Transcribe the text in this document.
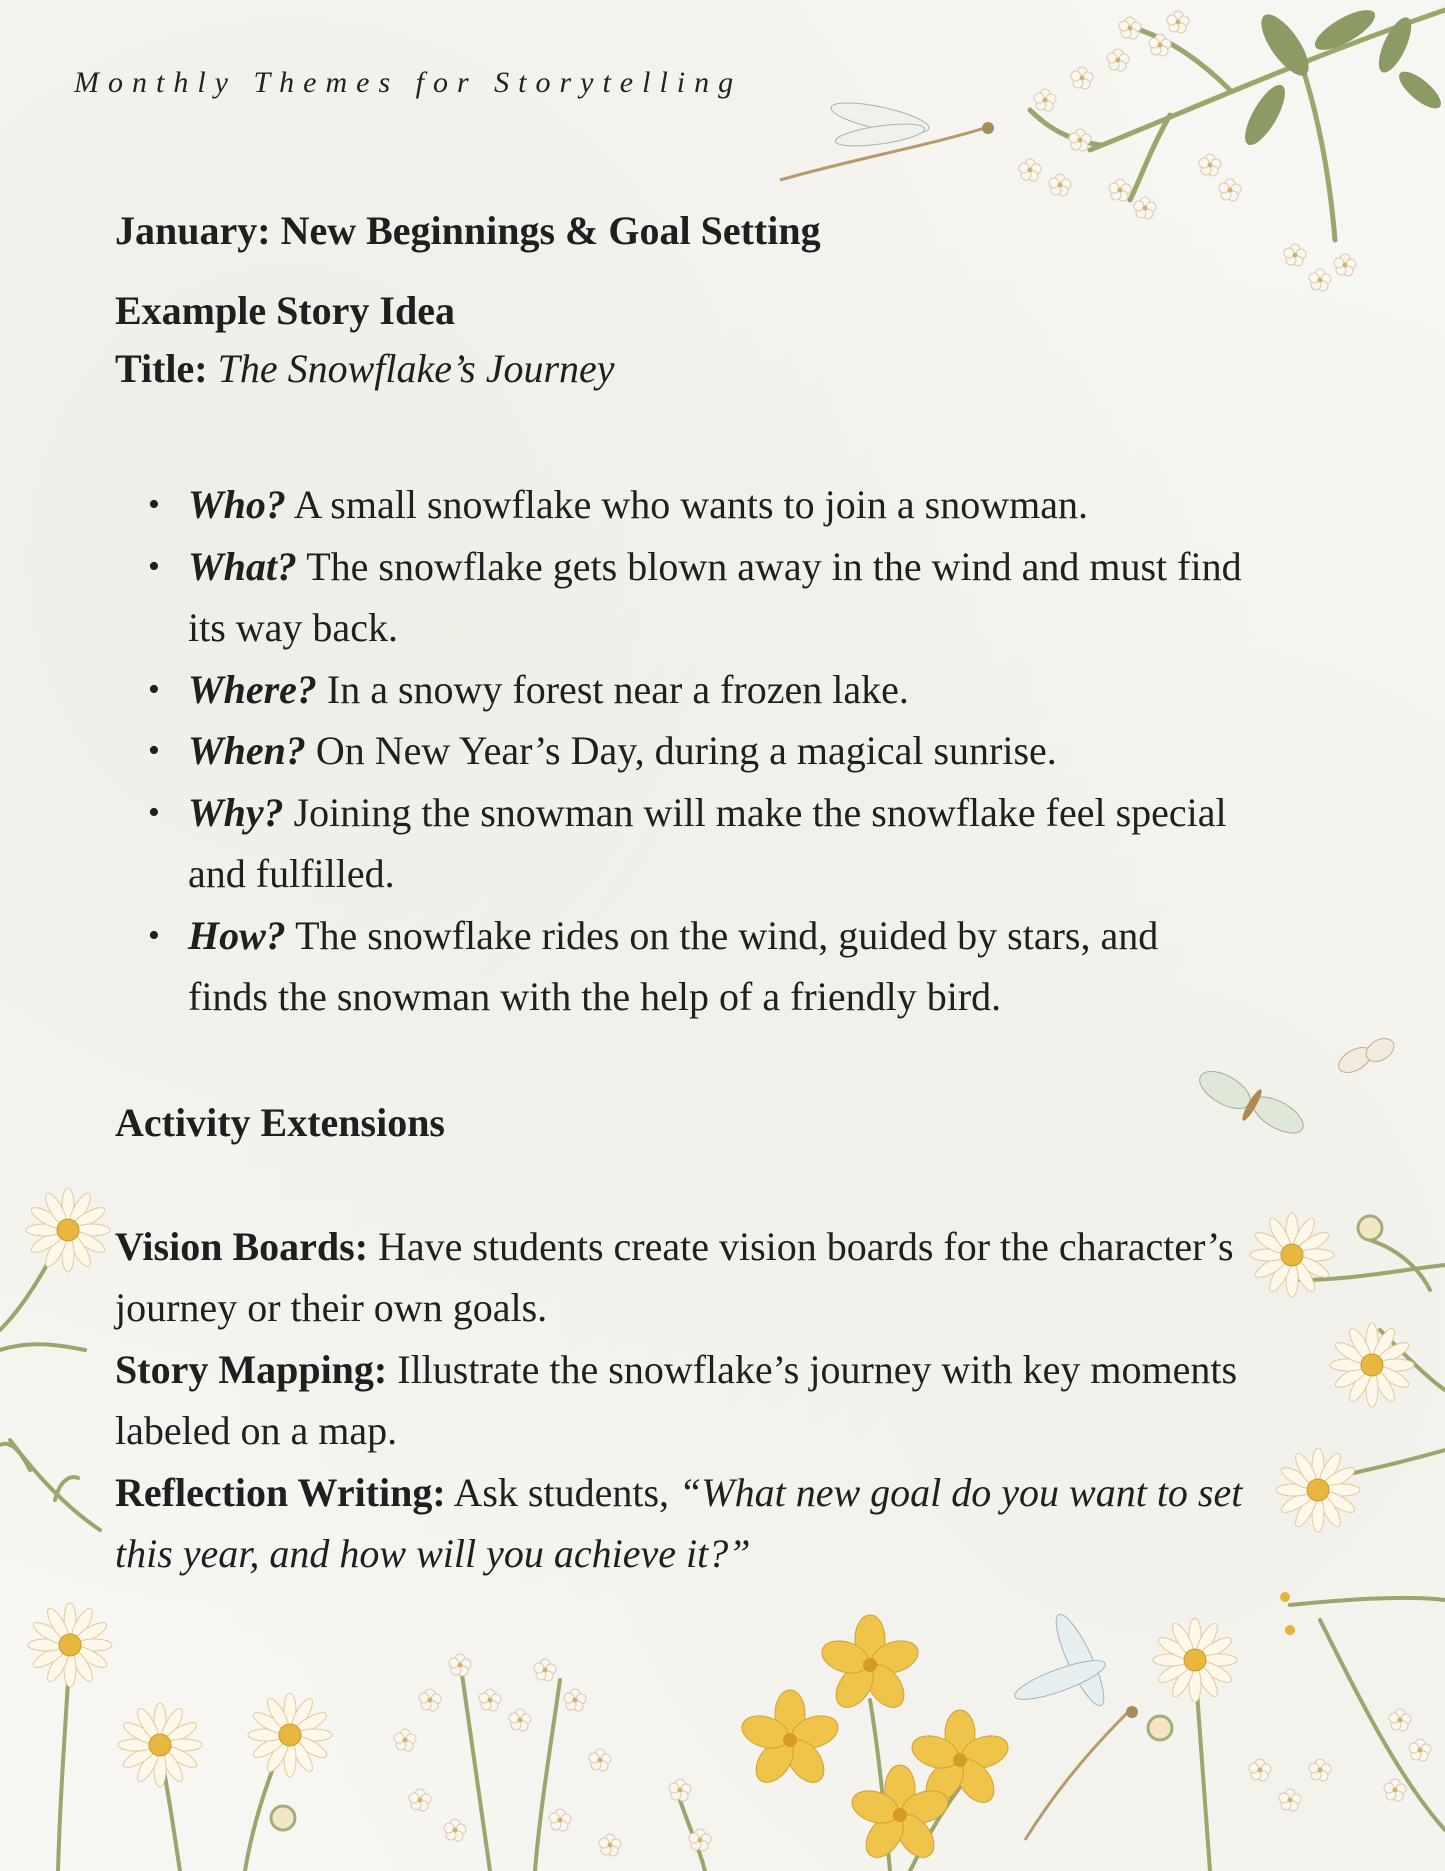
Monthly Themes for Storytelling
January: New Beginnings & Goal Setting
Example Story Idea

Title: The Snowflake’s Journey

• Who? A small snowflake who wants to join a snowman.
• What? The snowflake gets blown away in the wind and must find its way back.
• Where? In a snowy forest near a frozen lake.
• When? On New Year’s Day, during a magical sunrise.
• Why? Joining the snowman will make the snowflake feel special and fulfilled.
• How? The snowflake rides on the wind, guided by stars, and finds the snowman with the help of a friendly bird.
Activity Extensions

Vision Boards: Have students create vision boards for the character’s journey or their own goals.

Story Mapping: Illustrate the snowflake’s journey with key moments labeled on a map.

Reflection Writing: Ask students, “What new goal do you want to set this year, and how will you achieve it?”
